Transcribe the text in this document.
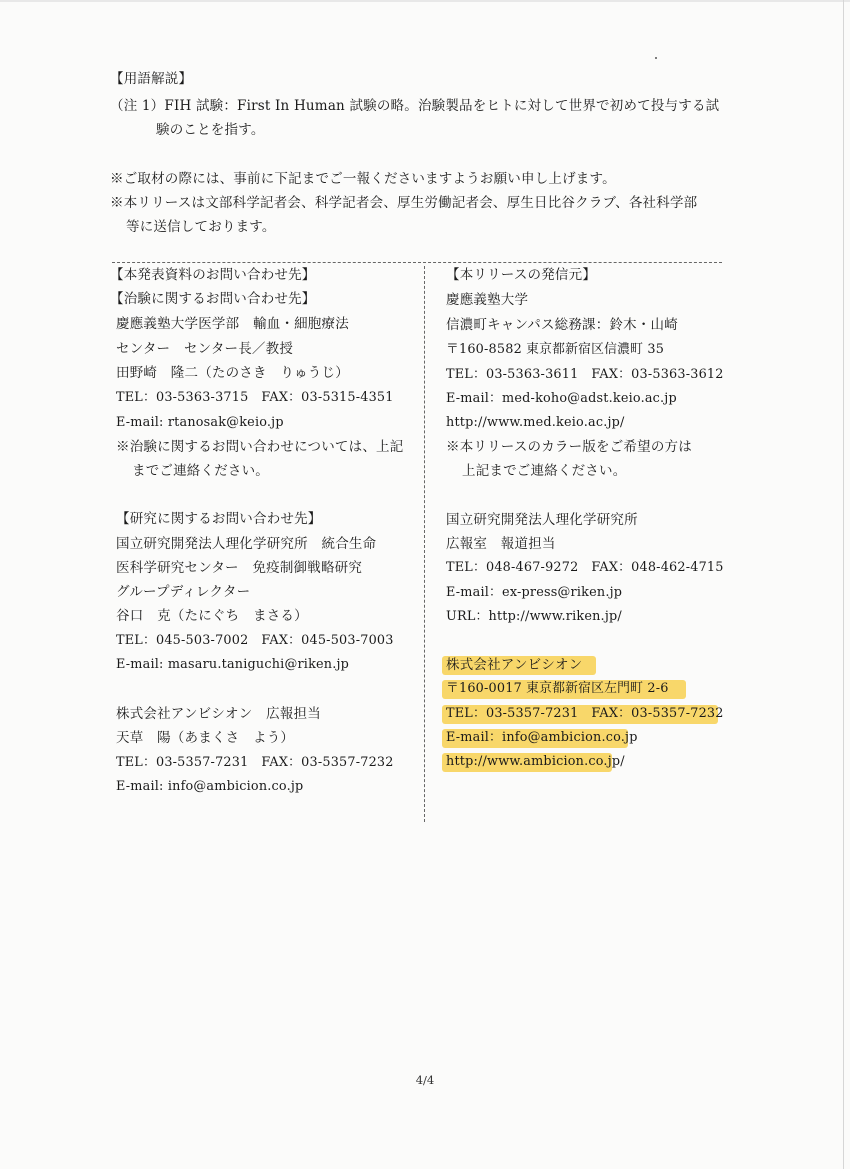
【用語解説】
（注 1）FIH 試験：First In Human 試験の略。治験製品をヒトに対して世界で初めて投与する試
験のことを指す。
※ご取材の際には、事前に下記までご一報くださいますようお願い申し上げます。
※本リリースは文部科学記者会、科学記者会、厚生労働記者会、厚生日比谷クラブ、各社科学部
等に送信しております。
【本発表資料のお問い合わせ先】
【治験に関するお問い合わせ先】
慶應義塾大学医学部　輸血・細胞療法
センター　センター長／教授
田野崎　隆二（たのさき　りゅうじ）
TEL：03-5363-3715　FAX：03-5315-4351
E-mail: rtanosak@keio.jp
※治験に関するお問い合わせについては、上記
までご連絡ください。
【研究に関するお問い合わせ先】
国立研究開発法人理化学研究所　統合生命
医科学研究センター　免疫制御戦略研究
グループディレクター
谷口　克（たにぐち　まさる）
TEL：045-503-7002　FAX：045-503-7003
E-mail: masaru.taniguchi@riken.jp
株式会社アンビシオン　広報担当
天草　陽（あまくさ　よう）
TEL：03-5357-7231　FAX：03-5357-7232
E-mail: info@ambicion.co.jp
【本リリースの発信元】
慶應義塾大学
信濃町キャンパス総務課：鈴木・山崎
〒160-8582 東京都新宿区信濃町 35
TEL：03-5363-3611　FAX：03-5363-3612
E-mail：med-koho@adst.keio.ac.jp
http://www.med.keio.ac.jp/
※本リリースのカラー版をご希望の方は
上記までご連絡ください。
国立研究開発法人理化学研究所
広報室　報道担当
TEL：048-467-9272　FAX：048-462-4715
E-mail：ex-press@riken.jp
URL：http://www.riken.jp/
株式会社アンビシオン
〒160-0017 東京都新宿区左門町 2-6
TEL：03-5357-7231　FAX：03-5357-7232
E-mail：info@ambicion.co.jp
http://www.ambicion.co.jp/
4/4
